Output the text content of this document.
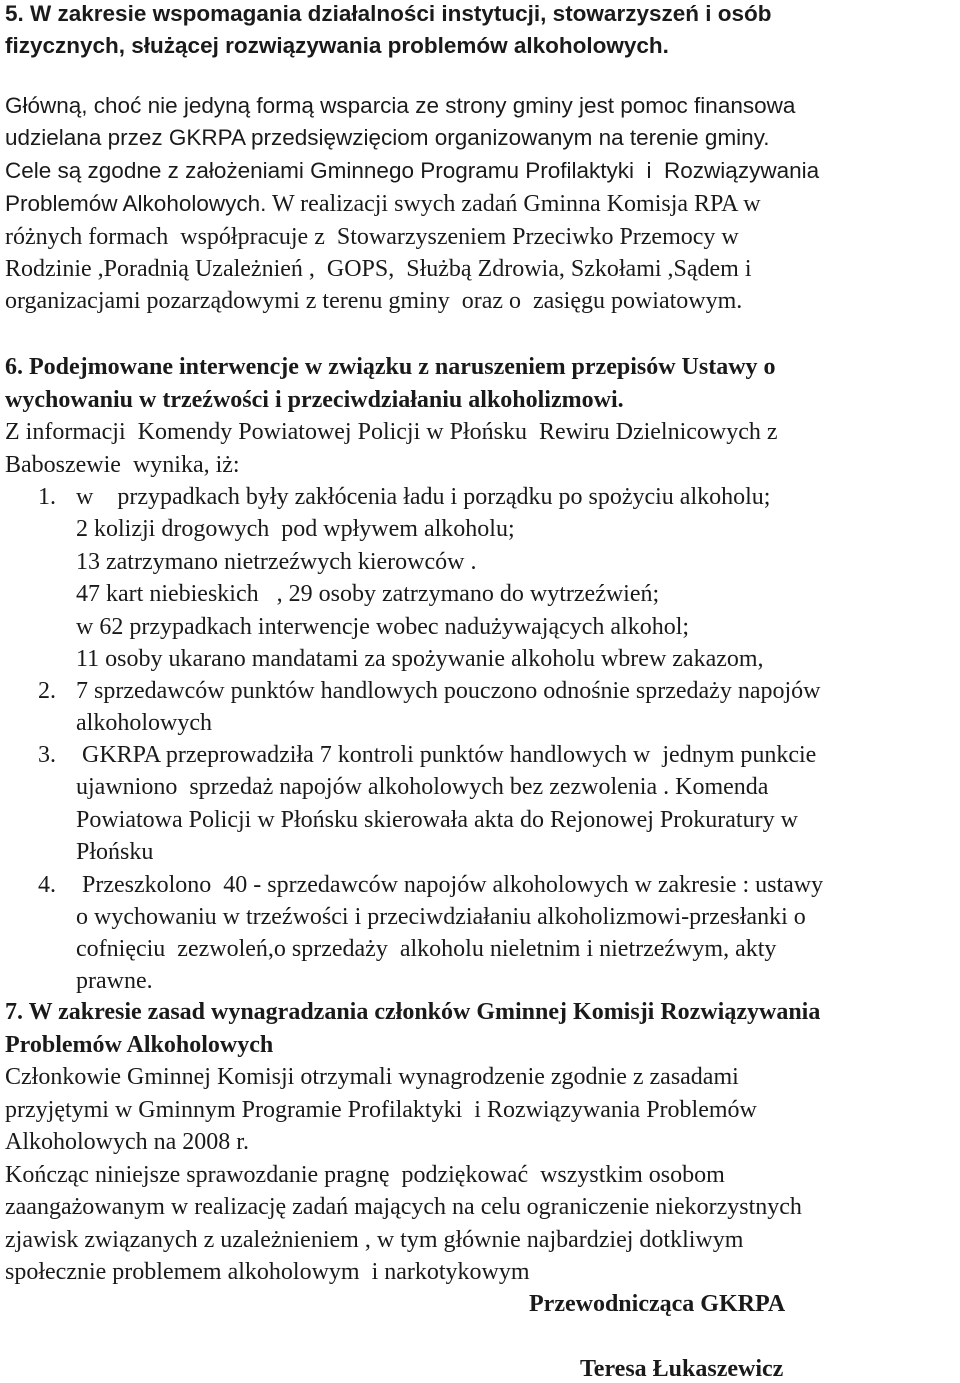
5. W zakresie wspomagania działalności instytucji, stowarzyszeń i osób
fizycznych, służącej rozwiązywania problemów alkoholowych.
Główną, choć nie jedyną formą wsparcia ze strony gminy jest pomoc finansowa
udzielana przez GKRPA przedsięwzięciom organizowanym na terenie gminy.
Cele są zgodne z założeniami Gminnego Programu Profilaktyki  i  Rozwiązywania
Problemów Alkoholowych. W realizacji swych zadań Gminna Komisja RPA w
różnych formach  współpracuje z  Stowarzyszeniem Przeciwko Przemocy w
Rodzinie ,Poradnią Uzależnień ,  GOPS,  Służbą Zdrowia, Szkołami ,Sądem i
organizacjami pozarządowymi z terenu gminy  oraz o  zasięgu powiatowym.
6. Podejmowane interwencje w związku z naruszeniem przepisów Ustawy o
wychowaniu w trzeźwości i przeciwdziałaniu alkoholizmowi.
Z informacji  Komendy Powiatowej Policji w Płońsku  Rewiru Dzielnicowych z
Baboszewie  wynika, iż:
1. w    przypadkach były zakłócenia ładu i porządku po spożyciu alkoholu;
2 kolizji drogowych  pod wpływem alkoholu;
13 zatrzymano nietrzeźwych kierowców .
47 kart niebieskich   , 29 osoby zatrzymano do wytrzeźwień;
w 62 przypadkach interwencje wobec nadużywających alkohol;
11 osoby ukarano mandatami za spożywanie alkoholu wbrew zakazom,
2. 7 sprzedawców punktów handlowych pouczono odnośnie sprzedaży napojów
alkoholowych
3. GKRPA przeprowadziła 7 kontroli punktów handlowych w  jednym punkcie
ujawniono  sprzedaż napojów alkoholowych bez zezwolenia . Komenda
Powiatowa Policji w Płońsku skierowała akta do Rejonowej Prokuratury w
Płońsku
4. Przeszkolono  40 - sprzedawców napojów alkoholowych w zakresie : ustawy
o wychowaniu w trzeźwości i przeciwdziałaniu alkoholizmowi-przesłanki o
cofnięciu  zezwoleń,o sprzedaży  alkoholu nieletnim i nietrzeźwym, akty
prawne.
7. W zakresie zasad wynagradzania członków Gminnej Komisji Rozwiązywania
Problemów Alkoholowych
Członkowie Gminnej Komisji otrzymali wynagrodzenie zgodnie z zasadami
przyjętymi w Gminnym Programie Profilaktyki  i Rozwiązywania Problemów
Alkoholowych na 2008 r.
Kończąc niniejsze sprawozdanie pragnę  podziękować  wszystkim osobom
zaangażowanym w realizację zadań mających na celu ograniczenie niekorzystnych
zjawisk związanych z uzależnieniem , w tym głównie najbardziej dotkliwym
społecznie problemem alkoholowym  i narkotykowym
Przewodnicząca GKRPA
Teresa Łukaszewicz
